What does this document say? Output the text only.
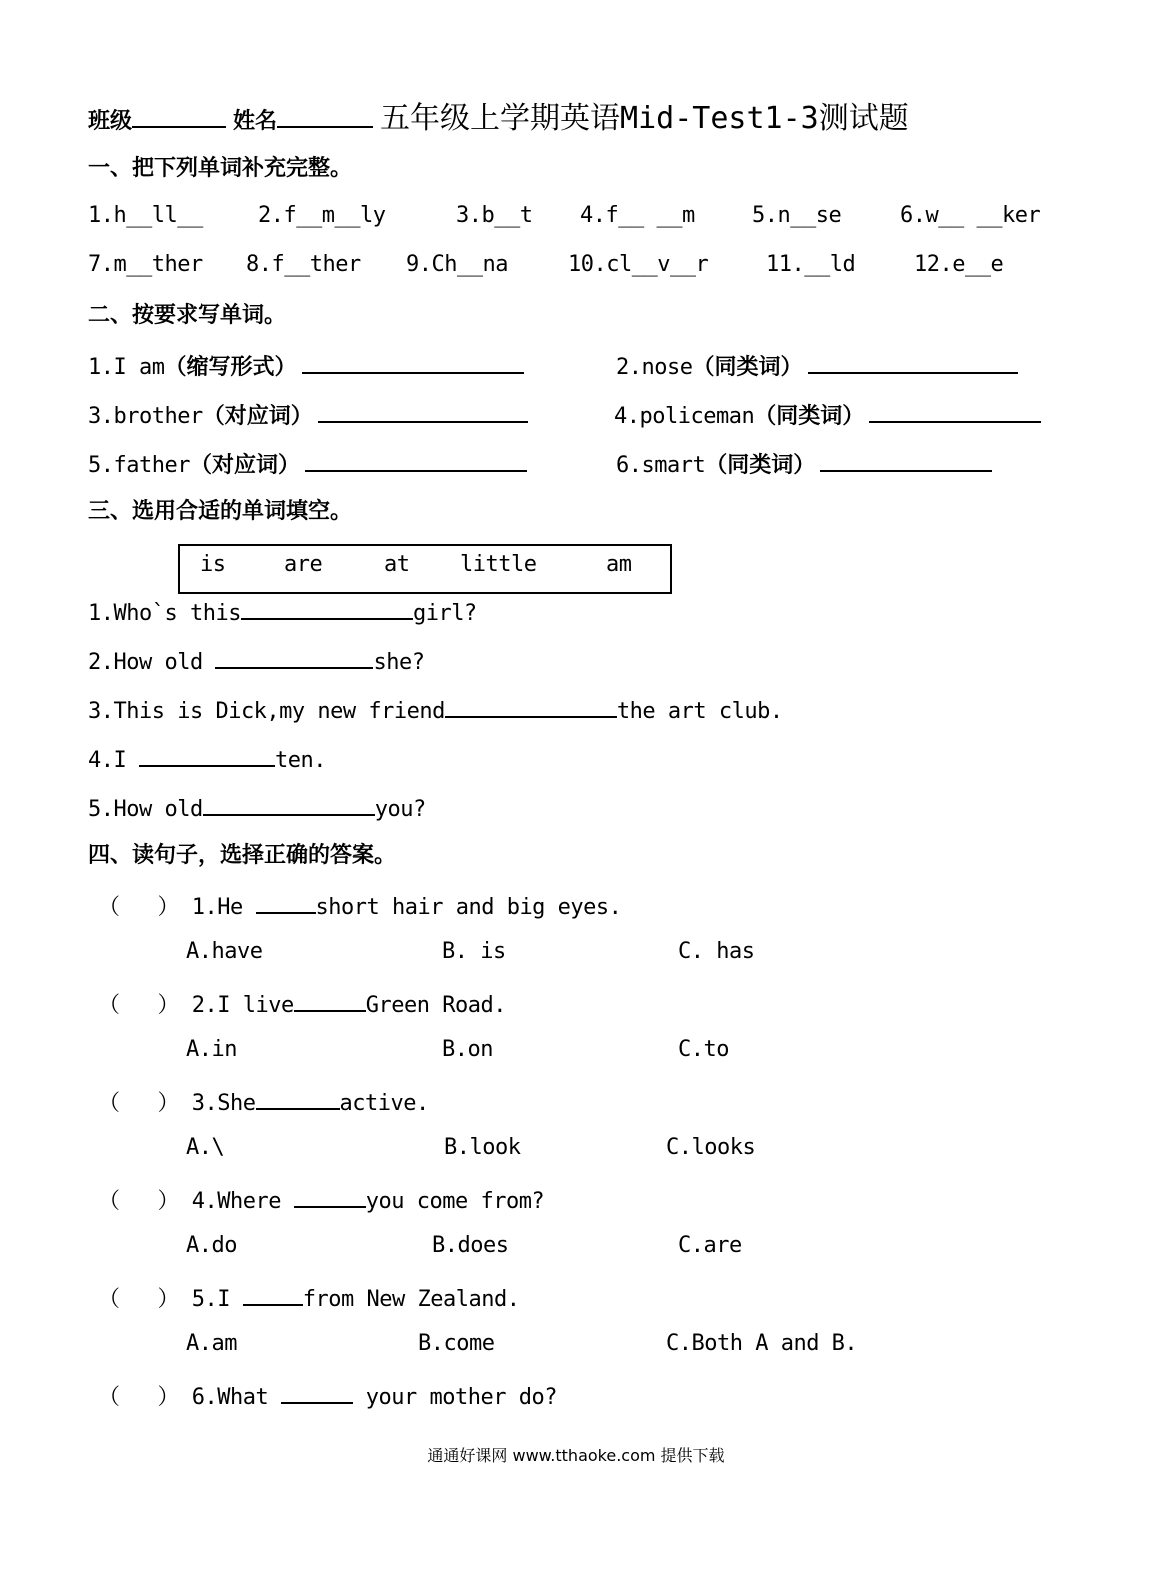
班级	姓名	五年级上学期英语Mid-Test1-3测试题
一、把下列单词补充完整。
1.h__ll__	2.f__m__ly	3.b__t 4.f__ __m	5.n__se	6.w__ __ker
7.m__ther 8.f__ther 9.Ch__na	10.cl__v__r	11.__ld	12.e__e
二、按要求写单词。
1.I am（缩写形式）	2.nose（同类词）
3.brother（对应词）	4.policeman（同类词）
5.father（对应词）	6.smart（同类词）
三、选用合适的单词填空。
is	are	at little	am
1.Who`s this	girl?
2.How old	she?
3.This is Dick,my new friend	the art club.
4.I	ten.
5.How old	you?
四、读句子，选择正确的答案。
（ ） 1.He	short hair and big eyes.
A.have	B. is	C. has
（ ） 2.I live	Green Road.
A.in	B.on	C.to
（ ） 3.She	active.
A.\	B.look	C.looks
（ ） 4.Where	you come from?
A.do	B.does	C.are
（ ） 5.I	from New Zealand.
A.am	B.come	C.Both A and B.
（ ） 6.What	your mother do?
通通好课网 www.tthaoke.com 提供下载
